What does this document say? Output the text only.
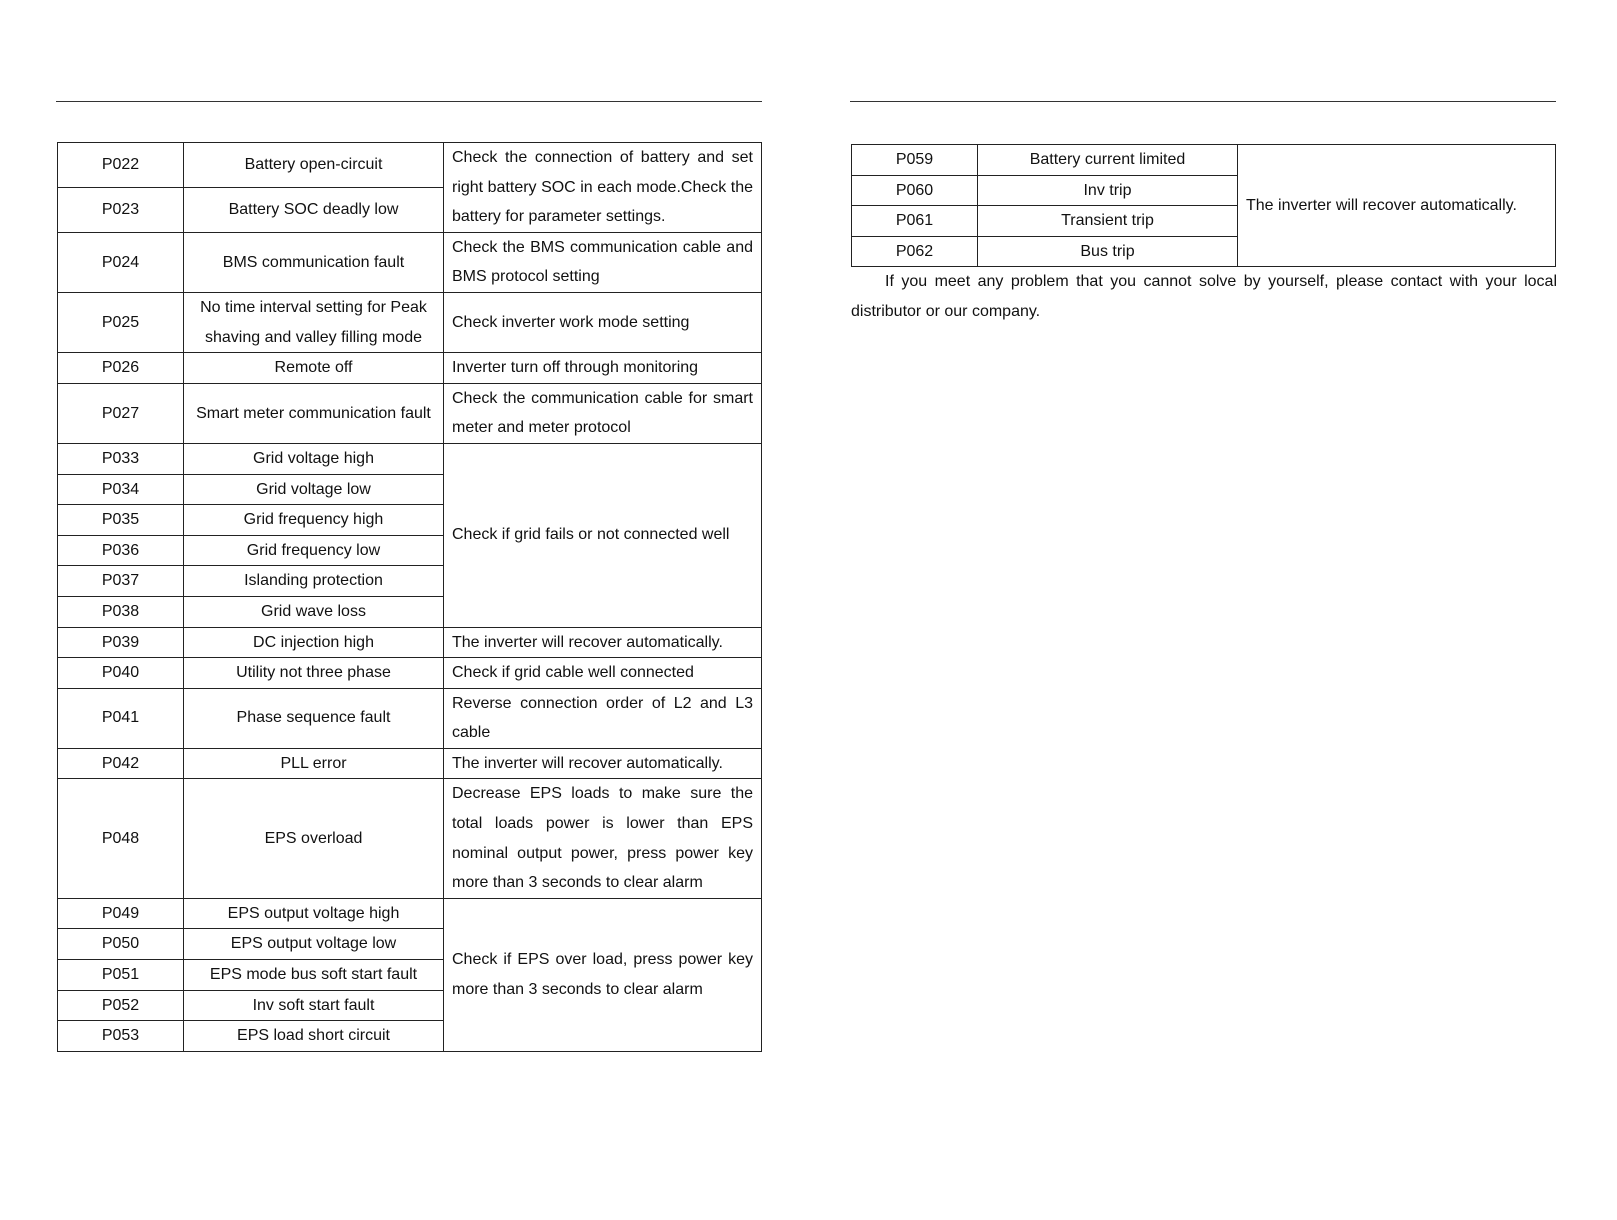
P022	Battery open-circuit	Check the connection of battery and set right battery SOC in each mode.Check the battery for parameter settings.
P023	Battery SOC deadly low	
P024	BMS communication fault	Check the BMS communication cable and BMS protocol setting
P025	No time interval setting for Peak shaving and valley filling mode	Check inverter work mode setting
P026	Remote off	Inverter turn off through monitoring
P027	Smart meter communication fault	Check the communication cable for smart meter and meter protocol
P033	Grid voltage high	Check if grid fails or not connected well
P034	Grid voltage low	
P035	Grid frequency high	
P036	Grid frequency low	
P037	Islanding protection	
P038	Grid wave loss	
P039	DC injection high	The inverter will recover automatically.
P040	Utility not three phase	Check if grid cable well connected
P041	Phase sequence fault	Reverse connection order of L2 and L3 cable
P042	PLL error	The inverter will recover automatically.
P048	EPS overload	Decrease EPS loads to make sure the total loads power is lower than EPS nominal output power, press power key more than 3 seconds to clear alarm
P049	EPS output voltage high	Check if EPS over load, press power key more than 3 seconds to clear alarm
P050	EPS output voltage low	
P051	EPS mode bus soft start fault	
P052	Inv soft start fault	
P053	EPS load short circuit	
P059	Battery current limited	The inverter will recover automatically.
P060	Inv trip	
P061	Transient trip	
P062	Bus trip	

If you meet any problem that you cannot solve by yourself, please contact with your local distributor or our company.
